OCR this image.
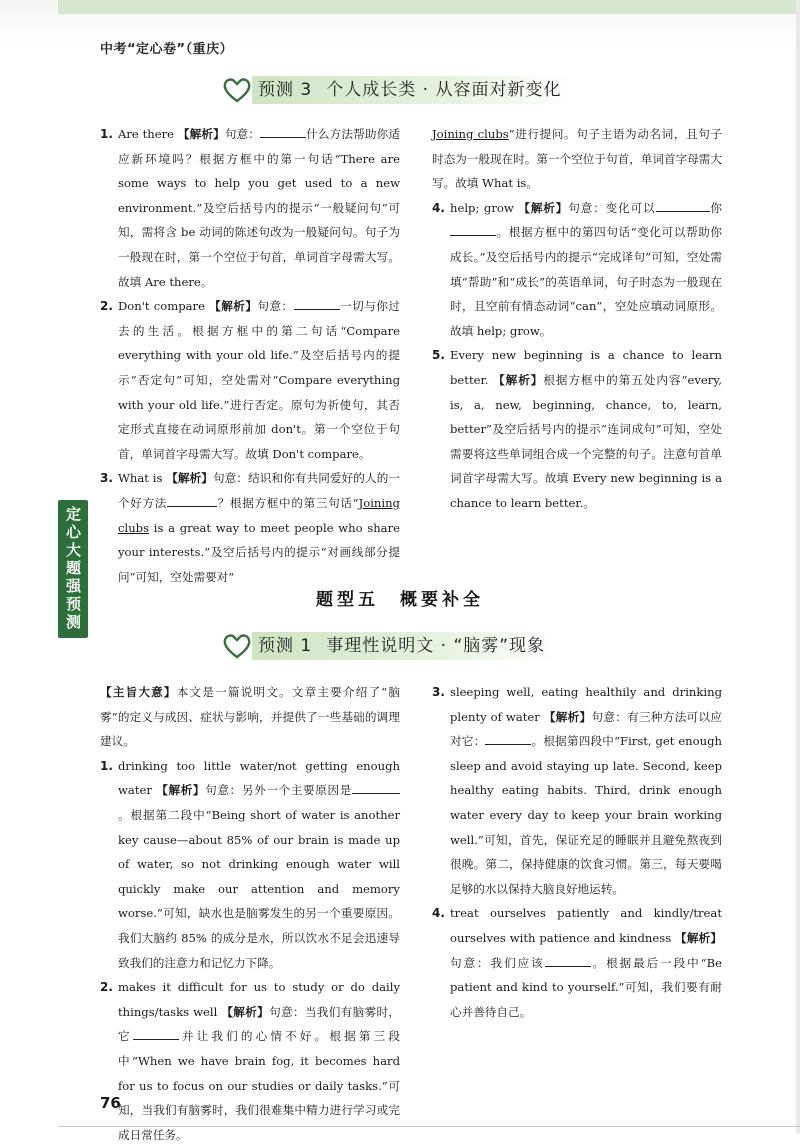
中考“定心卷”（重庆）
预测 3 个人成长类 · 从容面对新变化
1. Are there 【解析】句意：	什么方法帮助你适应新环境吗？根据方框中的第一句话“There are some ways to help you get used to a new environment.”及空后括号内的提示“一般疑问句”可知，需将含 be 动词的陈述句改为一般疑问句。句子为一般现在时，第一个空位于句首，单词首字母需大写。故填 Are there。
2. Don't compare 【解析】句意：	一切与你过去的生活。根据方框中的第二句话“Compare everything with your old life.”及空后括号内的提示“否定句”可知，空处需对“Compare everything with your old life.”进行否定。原句为祈使句，其否定形式直接在动词原形前加 don't。第一个空位于句首，单词首字母需大写。故填 Don't compare。
3. What is 【解析】句意：结识和你有共同爱好的人的一个好方法	？根据方框中的第三句话“Joining clubs is a great way to meet people who share your interests.”及空后括号内的提示“对画线部分提问”可知，空处需要对“

Joining clubs”进行提问。句子主语为动名词，且句子时态为一般现在时。第一个空位于句首，单词首字母需大写。故填 What is。

4. help; grow 【解析】句意：变化可以	你。根据方框中的第四句话“变化可以帮助你成长。”及空后括号内的提示“完成译句”可知，空处需填“帮助”和“成长”的英语单词，句子时态为一般现在时，且空前有情态动词“can”，空处应填动词原形。故填 help; grow。
5. Every new beginning is a chance to learn better. 【解析】根据方框中的第五处内容“every, is, a, new, beginning, chance, to, learn, better”及空后括号内的提示“连词成句”可知，空处需要将这些单词组合成一个完整的句子。注意句首单词首字母需大写。故填 Every new beginning is a chance to learn better.。
题型五　概要补全
预测 1 事理性说明文 · “脑雾”现象
定心大题强预测

【主旨大意】本文是一篇说明文。文章主要介绍了“脑雾”的定义与成因、症状与影响，并提供了一些基础的调理建议。

1. drinking too little water/not getting enough water 【解析】句意：另外一个主要原因是。根据第二段中“Being short of water is another key cause—about 85% of our brain is made up of water, so not drinking enough water will quickly make our attention and memory worse.”可知，缺水也是脑雾发生的另一个重要原因。我们大脑约 85% 的成分是水，所以饮水不足会迅速导致我们的注意力和记忆力下降。
2. makes it difficult for us to study or do daily things/tasks well 【解析】句意：当我们有脑雾时，它	并让我们的心情不好。根据第三段中“When we have brain fog, it becomes hard for us to focus on our studies or daily tasks.”可知，当我们有脑雾时，我们很难集中精力进行学习或完成日常任务。
3. sleeping well, eating healthily and drinking plenty of water 【解析】句意：有三种方法可以应对它：	。根据第四段中“First, get enough sleep and avoid staying up late. Second, keep healthy eating habits. Third, drink enough water every day to keep your brain working well.”可知，首先，保证充足的睡眠并且避免熬夜到很晚。第二，保持健康的饮食习惯。第三，每天要喝足够的水以保持大脑良好地运转。
4. treat ourselves patiently and kindly/treat ourselves with patience and kindness 【解析】句意：我们应该	。根据最后一段中“Be patient and kind to yourself.”可知，我们要有耐心并善待自己。
76
